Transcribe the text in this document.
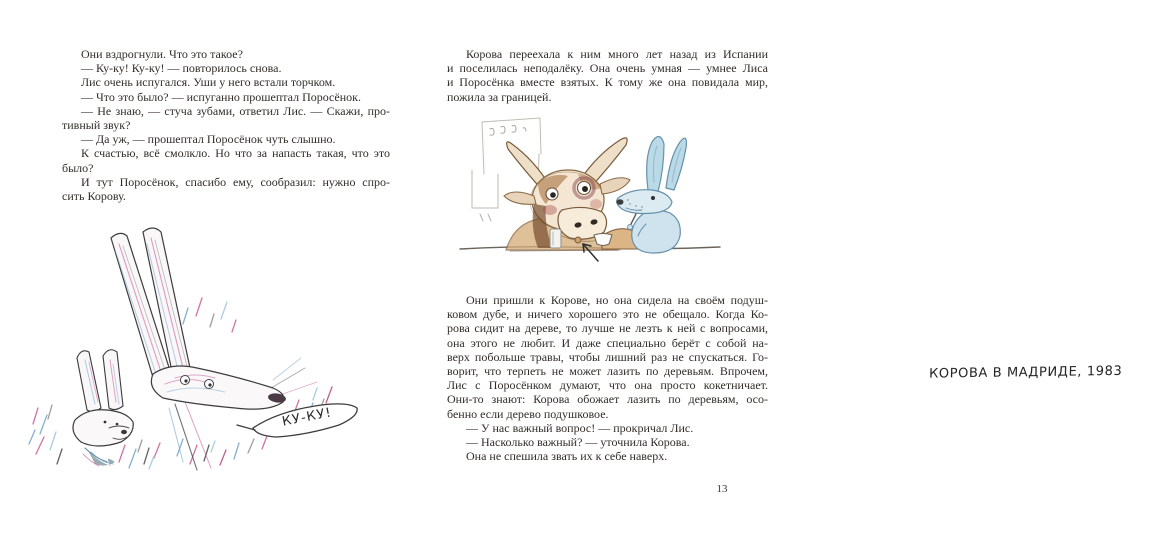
Они вздрогнули. Что это такое?
— Ку-ку! Ку-ку! — повторилось снова.
Лис очень испугался. Уши у него встали торчком.
— Что это было? — испуганно прошептал Поросёнок.
— Не знаю, — стуча зубами, ответил Лис. — Скажи, про-
тивный звук?
— Да уж, — прошептал Поросёнок чуть слышно.
К счастью, всё смолкло. Но что за напасть такая, что это
было?
И тут Поросёнок, спасибо ему, сообразил: нужно спро-
сить Корову.
КУ-КУ!
Корова переехала к ним много лет назад из Испании
и поселилась неподалёку. Она очень умная — умнее Лиса
и Поросёнка вместе взятых. К тому же она повидала мир,
пожила за границей.
КОРОВА В МАДРИДЕ, 1983
Они пришли к Корове, но она сидела на своём подуш-
ковом дубе, и ничего хорошего это не обещало. Когда Ко-
рова сидит на дереве, то лучше не лезть к ней с вопросами,
она этого не любит. И даже специально берёт с собой на-
верх побольше травы, чтобы лишний раз не спускаться. Го-
ворит, что терпеть не может лазить по деревьям. Впрочем,
Лис с Поросёнком думают, что она просто кокетничает.
Они-то знают: Корова обожает лазить по деревьям, осо-
бенно если дерево подушковое.
— У нас важный вопрос! — прокричал Лис.
— Насколько важный? — уточнила Корова.
Она не спешила звать их к себе наверх.
13
